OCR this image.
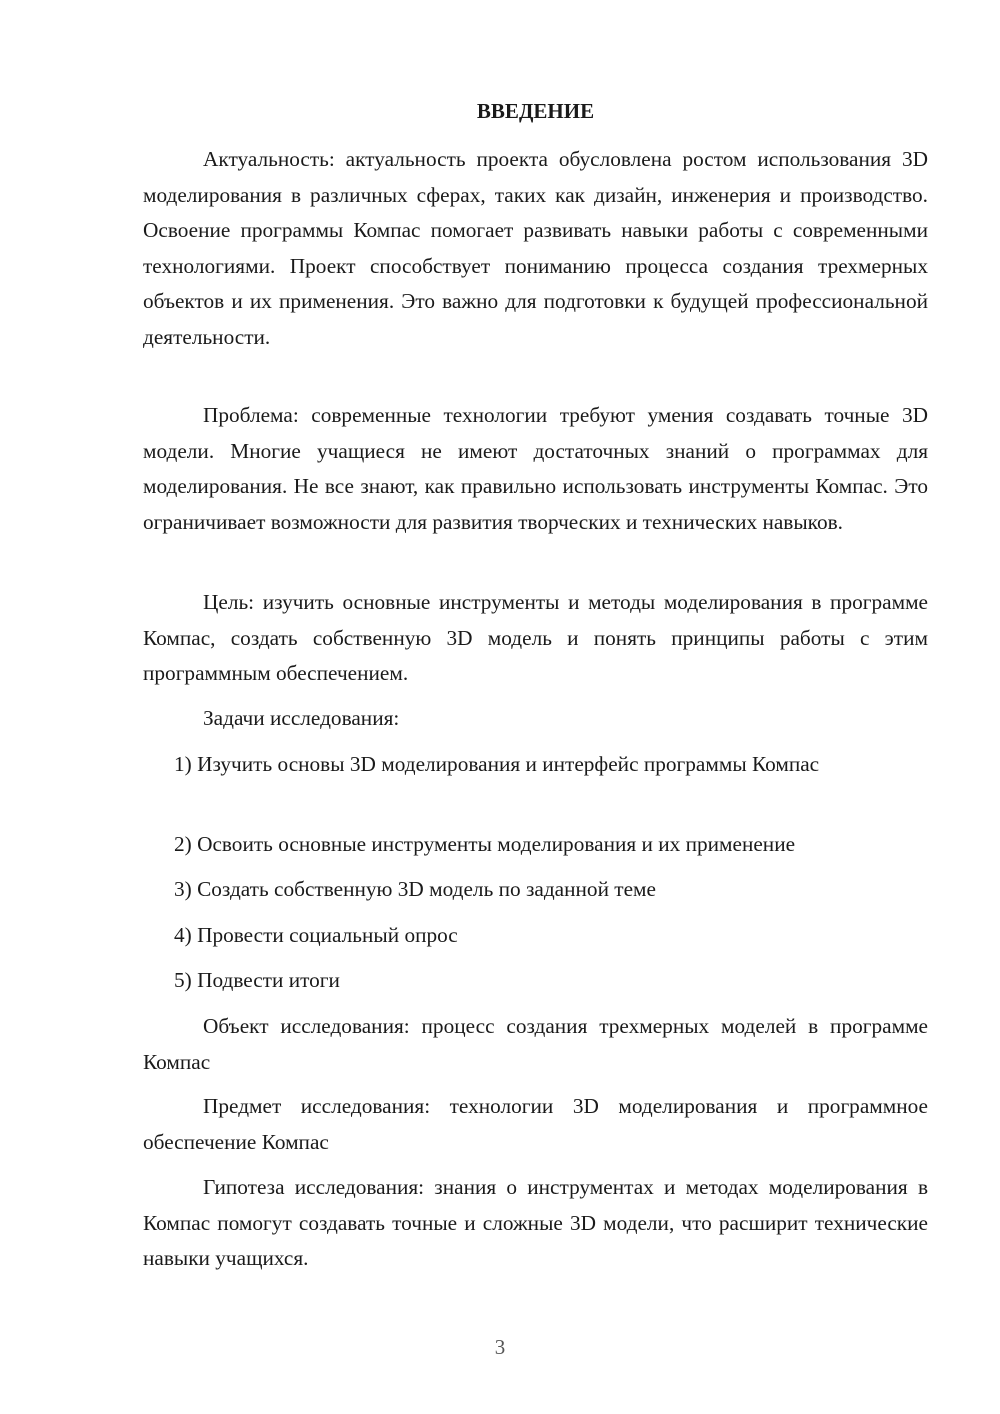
ВВЕДЕНИЕ

Актуальность: актуальность проекта обусловлена ростом использования 3D моделирования в различных сферах, таких как дизайн, инженерия и производство. Освоение программы Компас помогает развивать навыки работы с современными технологиями. Проект способствует пониманию процесса создания трехмерных объектов и их применения. Это важно для подготовки к будущей профессиональной деятельности.

Проблема: современные технологии требуют умения создавать точные 3D модели. Многие учащиеся не имеют достаточных знаний о программах для моделирования. Не все знают, как правильно использовать инструменты Компас. Это ограничивает возможности для развития творческих и технических навыков.

Цель: изучить основные инструменты и методы моделирования в программе Компас, создать собственную 3D модель и понять принципы работы с этим программным обеспечением.

Задачи исследования:

1) Изучить основы 3D моделирования и интерфейс программы Компас

2) Освоить основные инструменты моделирования и их применение

3) Создать собственную 3D модель по заданной теме

4) Провести социальный опрос

5) Подвести итоги

Объект исследования: процесс создания трехмерных моделей в программе Компас

Предмет исследования: технологии 3D моделирования и программное обеспечение Компас

Гипотеза исследования: знания о инструментах и методах моделирования в Компас помогут создавать точные и сложные 3D модели, что расширит технические навыки учащихся.

3
